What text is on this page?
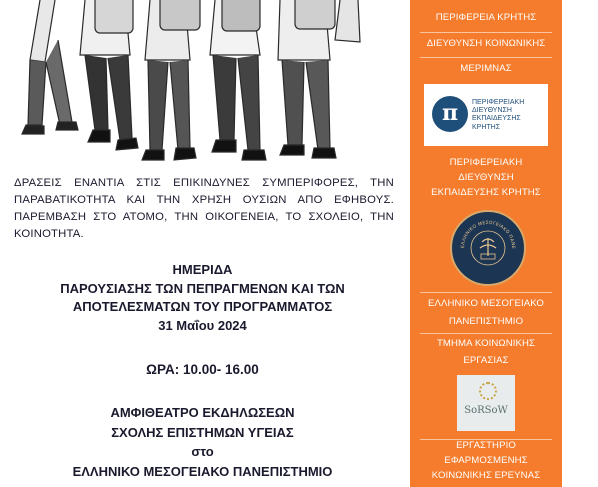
ΔΡΑΣΕΙΣ ΕΝΑΝΤΙΑ ΣΤΙΣ ΕΠΙΚΙΝΔΥΝΕΣ ΣΥΜΠΕΡΙΦΟΡΕΣ, ΤΗΝ ΠΑΡΑΒΑΤΙΚΟΤΗΤΑ ΚΑΙ ΤΗΝ ΧΡΗΣΗ ΟΥΣΙΩΝ ΑΠΟ ΕΦΗΒΟΥΣ. ΠΑΡΕΜΒΑΣΗ ΣΤΟ ΑΤΟΜΟ, ΤΗΝ ΟΙΚΟΓΕΝΕΙΑ, ΤΟ ΣΧΟΛΕΙΟ, ΤΗΝ ΚΟΙΝΟΤΗΤΑ.
ΗΜΕΡΙΔΑ
ΠΑΡΟΥΣΙΑΣΗΣ ΤΩΝ ΠΕΠΡΑΓΜΕΝΩΝ ΚΑΙ ΤΩΝ
ΑΠΟΤΕΛΕΣΜΑΤΩΝ ΤΟΥ ΠΡΟΓΡΑΜΜΑΤΟΣ
31 Μαΐου 2024
ΩΡΑ: 10.00- 16.00
ΑΜΦΙΘΕΑΤΡΟ ΕΚΔΗΛΩΣΕΩΝ
ΣΧΟΛΗΣ ΕΠΙΣΤΗΜΩΝ ΥΓΕΙΑΣ
στο
ΕΛΛΗΝΙΚΟ ΜΕΣΟΓΕΙΑΚΟ ΠΑΝΕΠΙΣΤΗΜΙΟ
ΠΕΡΙΦΕΡΕΙΑ ΚΡΗΤΗΣ
ΔΙΕΥΘΥΝΣΗ ΚΟΙΝΩΝΙΚΗΣ
ΜΕΡΙΜΝΑΣ
π	ΠΕΡΙΦΕΡΕΙΑΚΗ
ΔΙΕΥΘΥΝΣΗ
ΕΚΠΑΙΔΕΥΣΗΣ
ΚΡΗΤΗΣ
ΠΕΡΙΦΕΡΕΙΑΚΗ
ΔΙΕΥΘΥΝΣΗ
ΕΚΠΑΙΔΕΥΣΗΣ ΚΡΗΤΗΣ
ΕΛΛΗΝΙΚΟ ΜΕΣΟΓΕΙΑΚΟ ΠΑΝΕ
ΕΛΛΗΝΙΚΟ ΜΕΣΟΓΕΙΑΚΟ
ΠΑΝΕΠΙΣΤΗΜΙΟ
ΤΜΗΜΑ ΚΟΙΝΩΝΙΚΗΣ
ΕΡΓΑΣΙΑΣ
SoRSoW
ΕΡΓΑΣΤΗΡΙΟ
ΕΦΑΡΜΟΣΜΕΝΗΣ
ΚΟΙΝΩΝΙΚΗΣ ΕΡΕΥΝΑΣ
